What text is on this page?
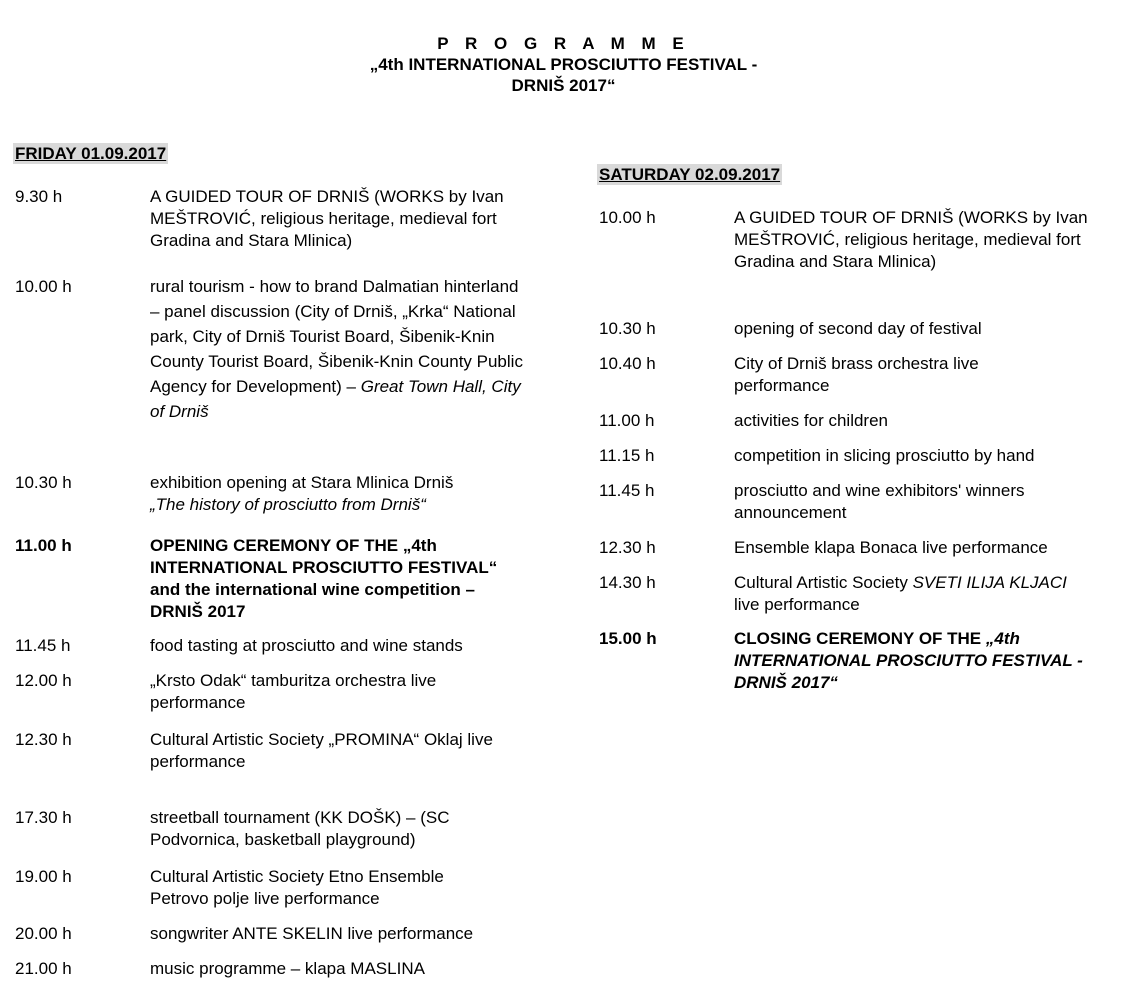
P R O G R A M M E
„4th INTERNATIONAL PROSCIUTTO FESTIVAL -
DRNIŠ 2017“
FRIDAY 01.09.2017
9.30 h	A GUIDED TOUR OF DRNIŠ (WORKS by Ivan MEŠTROVIĆ, religious heritage, medieval fort Gradina and Stara Mlinica)
10.00 h	rural tourism - how to brand Dalmatian hinterland – panel discussion (City of Drniš, „Krka“ National park, City of Drniš Tourist Board, Šibenik-Knin County Tourist Board, Šibenik-Knin County Public Agency for Development) – Great Town Hall, City of Drniš
10.30 h	exhibition opening at Stara Mlinica Drniš
„The history of prosciutto from Drniš“
11.00 h	OPENING CEREMONY OF THE „4th INTERNATIONAL PROSCIUTTO FESTIVAL“ and the international wine competition – DRNIŠ 2017
11.45 h	food tasting at prosciutto and wine stands
12.00 h	„Krsto Odak“ tamburitza orchestra live performance
12.30 h	Cultural Artistic Society „PROMINA“ Oklaj live performance
17.30 h	streetball tournament (KK DOŠK) – (SC Podvornica, basketball playground)
19.00 h	Cultural Artistic Society Etno Ensemble Petrovo polje live performance
20.00 h	songwriter ANTE SKELIN live performance
21.00 h	music programme – klapa MASLINA
SATURDAY 02.09.2017
10.00 h	A GUIDED TOUR OF DRNIŠ (WORKS by Ivan MEŠTROVIĆ, religious heritage, medieval fort Gradina and Stara Mlinica)
10.30 h	opening of second day of festival
10.40 h	City of Drniš brass orchestra live performance
11.00 h	activities for children
11.15 h	competition in slicing prosciutto by hand
11.45 h	prosciutto and wine exhibitors' winners announcement
12.30 h	Ensemble klapa Bonaca live performance
14.30 h	Cultural Artistic Society SVETI ILIJA KLJACI
live performance
15.00 h	CLOSING CEREMONY OF THE „4th INTERNATIONAL PROSCIUTTO FESTIVAL - DRNIŠ 2017“
